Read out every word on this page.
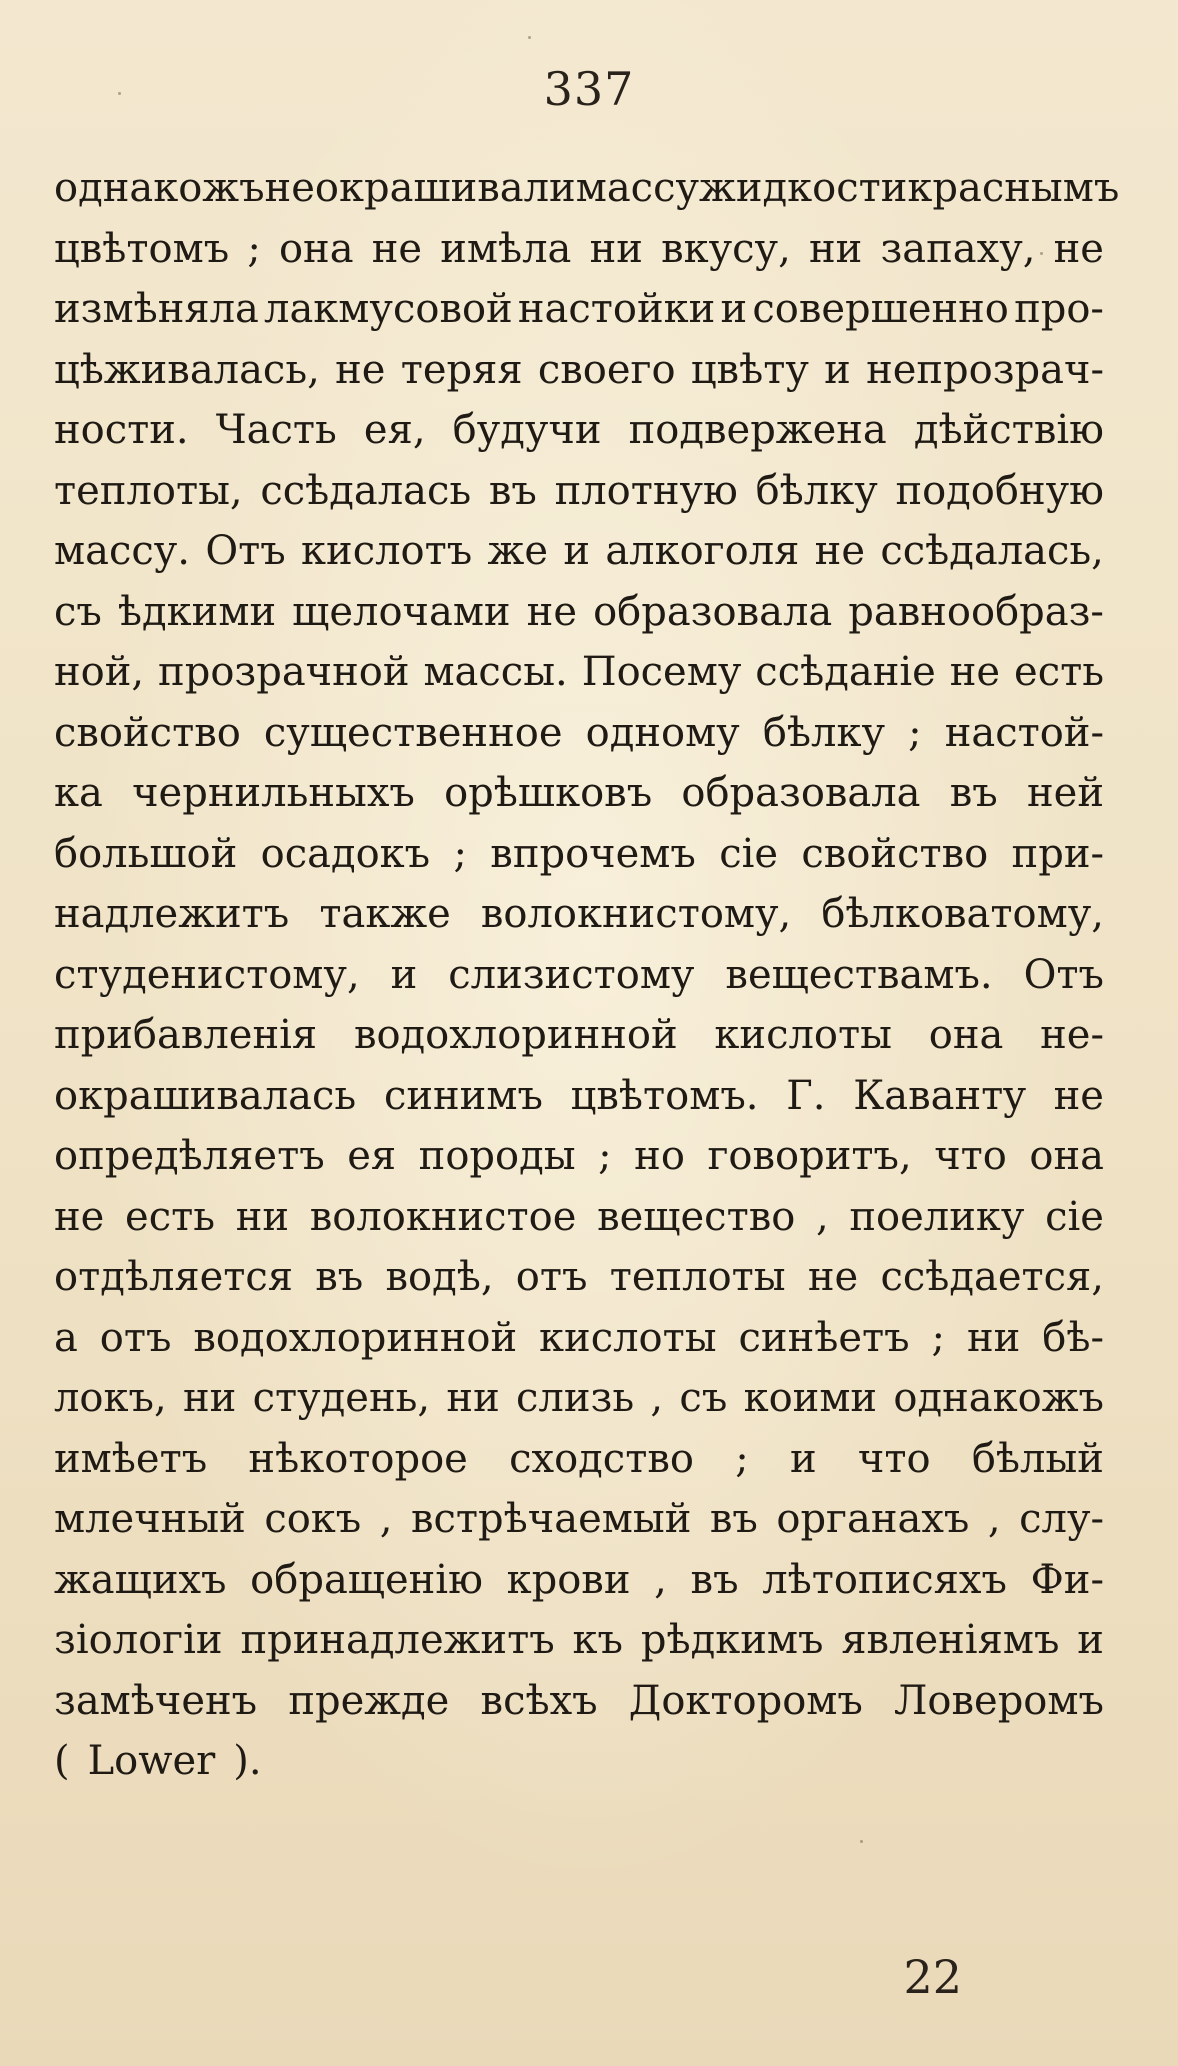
337
однакожъ не окрашивали массу жидкости краснымъ
цвѣтомъ ; она не имѣла ни вкусу, ни запаху, не
измѣняла лакмусовой настойки и совершенно про-
цѣживалась, не теряя своего цвѣту и непрозрач-
ности. Часть ея, будучи подвержена дѣйствію
теплоты, ссѣдалась въ плотную бѣлку подобную
массу. Отъ кислотъ же и алкоголя не ссѣдалась,
съ ѣдкими щелочами не образовала равнообраз-
ной, прозрачной массы. Посему ссѣданіе не есть
свойство существенное одному бѣлку ; настой-
ка чернильныхъ орѣшковъ образовала въ ней
большой осадокъ ; впрочемъ сіе свойство при-
надлежитъ также волокнистому, бѣлковатому,
студенистому, и слизистому веществамъ. Отъ
прибавленія водохлоринной кислоты она не-
окрашивалась синимъ цвѣтомъ. Г. Кавантy не
опредѣляетъ ея породы ; но говоритъ, что она
не есть ни волокнистое вещество , поелику сіе
отдѣляется въ водѣ, отъ теплоты не ссѣдается,
а отъ водохлоринной кислоты синѣетъ ; ни бѣ-
локъ, ни студень, ни слизь , съ коими однакожъ
имѣетъ нѣкоторое сходство ; и что бѣлый
млечный сокъ , встрѣчаемый въ органахъ , слу-
жащихъ обращенію крови , въ лѣтописяхъ Фи-
зіологіи принадлежитъ къ рѣдкимъ явленіямъ и
замѣченъ прежде всѣхъ Докторомъ Ловеромъ
( Lower ).
22
